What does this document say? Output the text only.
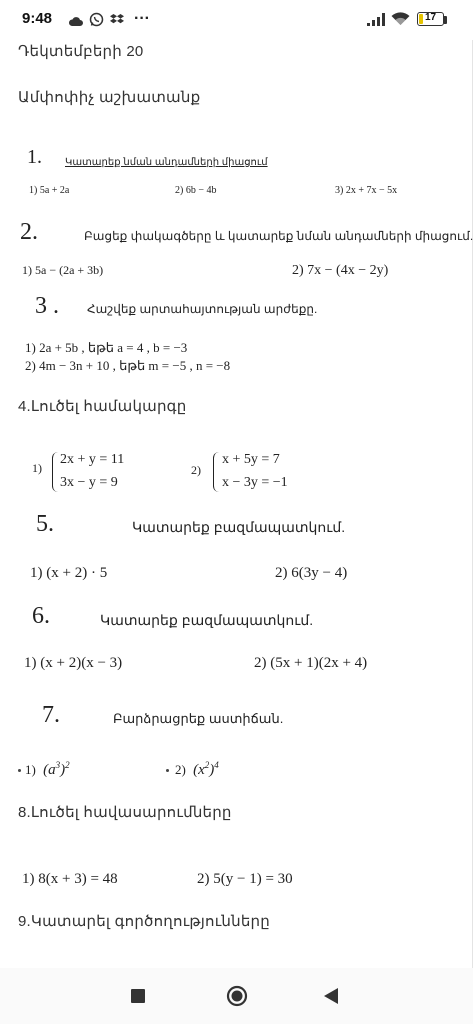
9:48	···	17
Դեկտեմբերի 20
Ամփոփիչ աշխատանք
1. Կատարեք նման անդամների միացում
1) 5a + 2a	2) 6b − 4b	3) 2x + 7x − 5x
2.	Բացեք փակագծերը և կատարեք նման անդամների միացում.
1) 5a − (2a + 3b)	2) 7x − (4x − 2y)
3 . Հաշվեք արտահայտության արժեքը.
1) 2a + 5b , եթե a = 4 , b = −3
2) 4m − 3n + 10 , եթե m = −5 , n = −8
4.Լուծել համակարգը
1)
2x + y = 11
3x − y = 9
2)
x + 5y = 7
x − 3y = −1
5.	Կատարեք բազմապատկում.
1) (x + 2) · 5	2) 6(3y − 4)
6.	Կատարեք բազմապատկում.
1) (x + 2)(x − 3)	2) (5x + 1)(2x + 4)
7.	Բարձրացրեք աստիճան.
1) $(a^3)^2$	2) $(x^2)^4$
8.Լուծել հավասարումները
1) 8(x + 3) = 48	2) 5(y − 1) = 30
9.Կատարել գործողությունները
